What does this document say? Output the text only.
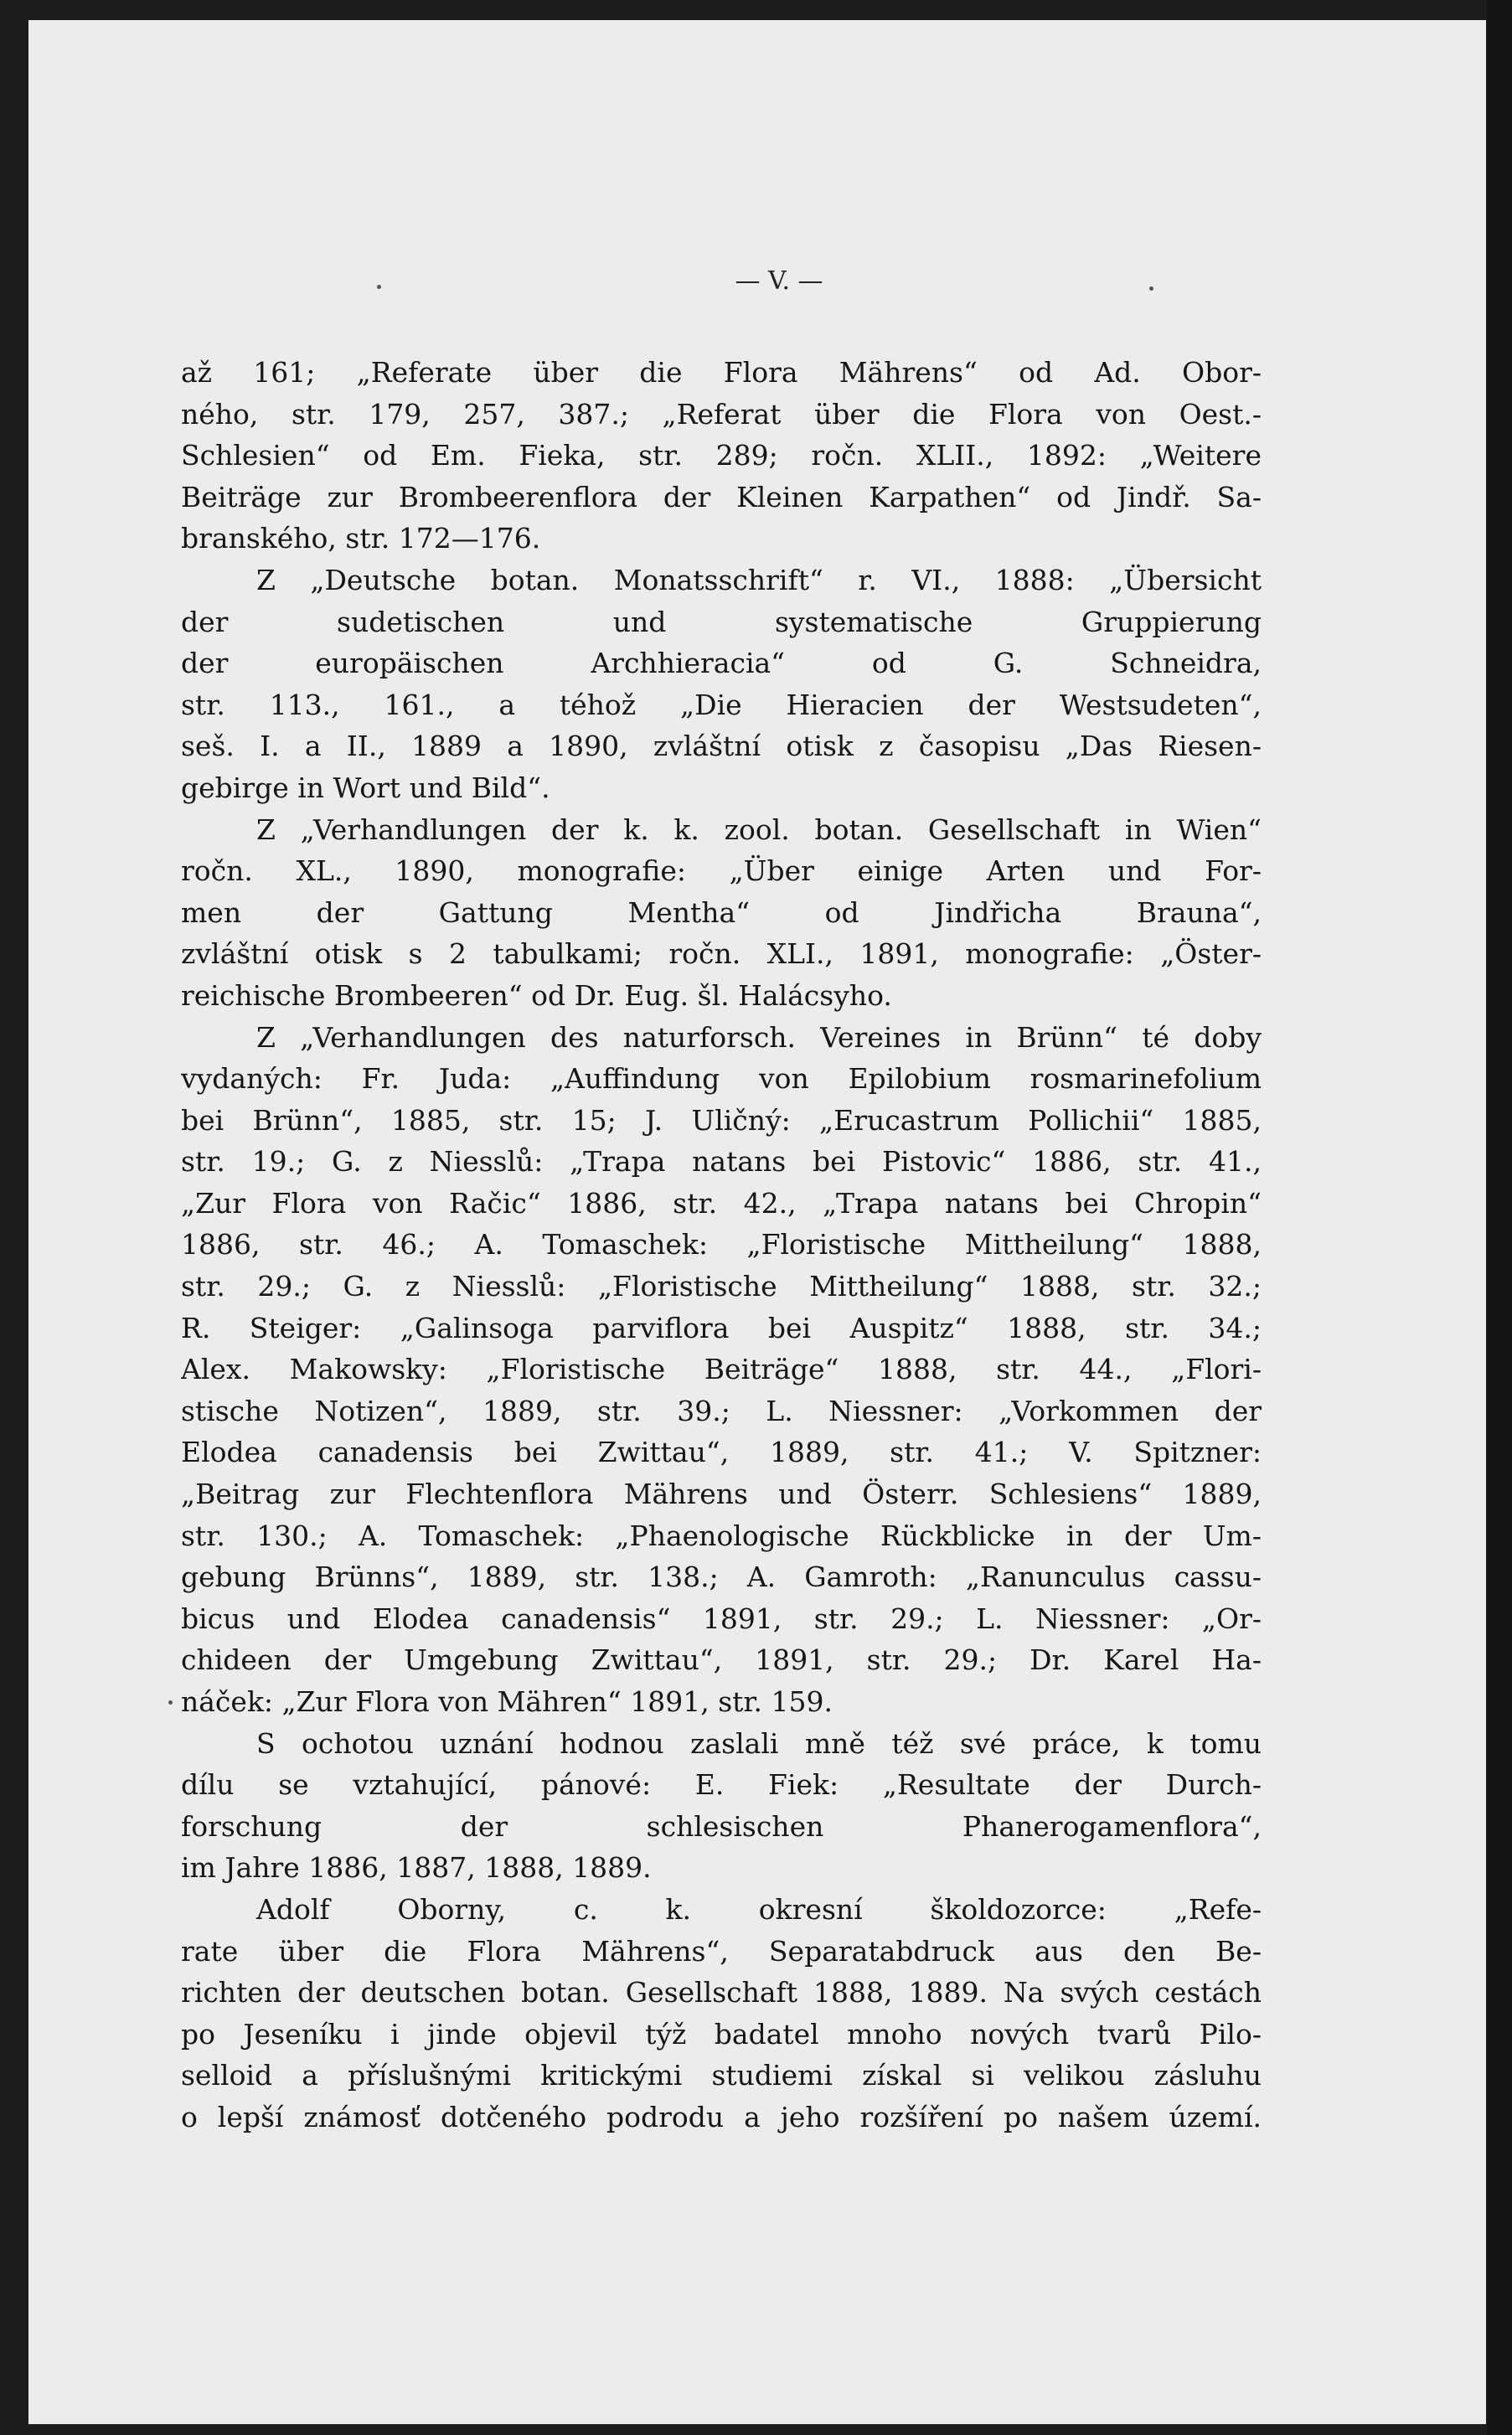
— V. —
až 161; „Referate über die Flora Mährens“ od Ad. Obor-
ného, str. 179, 257, 387.; „Referat über die Flora von Oest.-
Schlesien“ od Em. Fieka, str. 289; ročn. XLII., 1892: „Weitere
Beiträge zur Brombeerenflora der Kleinen Karpathen“ od Jindř. Sa-
branského, str. 172—176.
Z „Deutsche botan. Monatsschrift“ r. VI., 1888: „Übersicht
der sudetischen und systematische Gruppierung
der europäischen Archhieracia“ od G. Schneidra,
str. 113., 161., a téhož „Die Hieracien der Westsudeten“,
seš. I. a II., 1889 a 1890, zvláštní otisk z časopisu „Das Riesen-
gebirge in Wort und Bild“.
Z „Verhandlungen der k. k. zool. botan. Gesellschaft in Wien“
ročn. XL., 1890, monografie: „Über einige Arten und For-
men der Gattung Mentha“ od Jindřicha Brauna“,
zvláštní otisk s 2 tabulkami; ročn. XLI., 1891, monografie: „Öster-
reichische Brombeeren“ od Dr. Eug. šl. Halácsyho.
Z „Verhandlungen des naturforsch. Vereines in Brünn“ té doby
vydaných: Fr. Juda: „Auffindung von Epilobium rosmarinefolium
bei Brünn“, 1885, str. 15; J. Uličný: „Erucastrum Pollichii“ 1885,
str. 19.; G. z Niesslů: „Trapa natans bei Pistovic“ 1886, str. 41.,
„Zur Flora von Račic“ 1886, str. 42., „Trapa natans bei Chropin“
1886, str. 46.; A. Tomaschek: „Floristische Mittheilung“ 1888,
str. 29.; G. z Niesslů: „Floristische Mittheilung“ 1888, str. 32.;
R. Steiger: „Galinsoga parviflora bei Auspitz“ 1888, str. 34.;
Alex. Makowsky: „Floristische Beiträge“ 1888, str. 44., „Flori-
stische Notizen“, 1889, str. 39.; L. Niessner: „Vorkommen der
Elodea canadensis bei Zwittau“, 1889, str. 41.; V. Spitzner:
„Beitrag zur Flechtenflora Mährens und Österr. Schlesiens“ 1889,
str. 130.; A. Tomaschek: „Phaenologische Rückblicke in der Um-
gebung Brünns“, 1889, str. 138.; A. Gamroth: „Ranunculus cassu-
bicus und Elodea canadensis“ 1891, str. 29.; L. Niessner: „Or-
chideen der Umgebung Zwittau“, 1891, str. 29.; Dr. Karel Ha-
náček: „Zur Flora von Mähren“ 1891, str. 159.
S ochotou uznání hodnou zaslali mně též své práce, k tomu
dílu se vztahující, pánové: E. Fiek: „Resultate der Durch-
forschung der schlesischen Phanerogamenflora“,
im Jahre 1886, 1887, 1888, 1889.
Adolf Oborny, c. k. okresní školdozorce: „Refe-
rate über die Flora Mährens“, Separatabdruck aus den Be-
richten der deutschen botan. Gesellschaft 1888, 1889. Na svých cestách
po Jeseníku i jinde objevil týž badatel mnoho nových tvarů Pilo-
selloid a příslušnými kritickými studiemi získal si velikou zásluhu
o lepší známosť dotčeného podrodu a jeho rozšíření po našem území.
